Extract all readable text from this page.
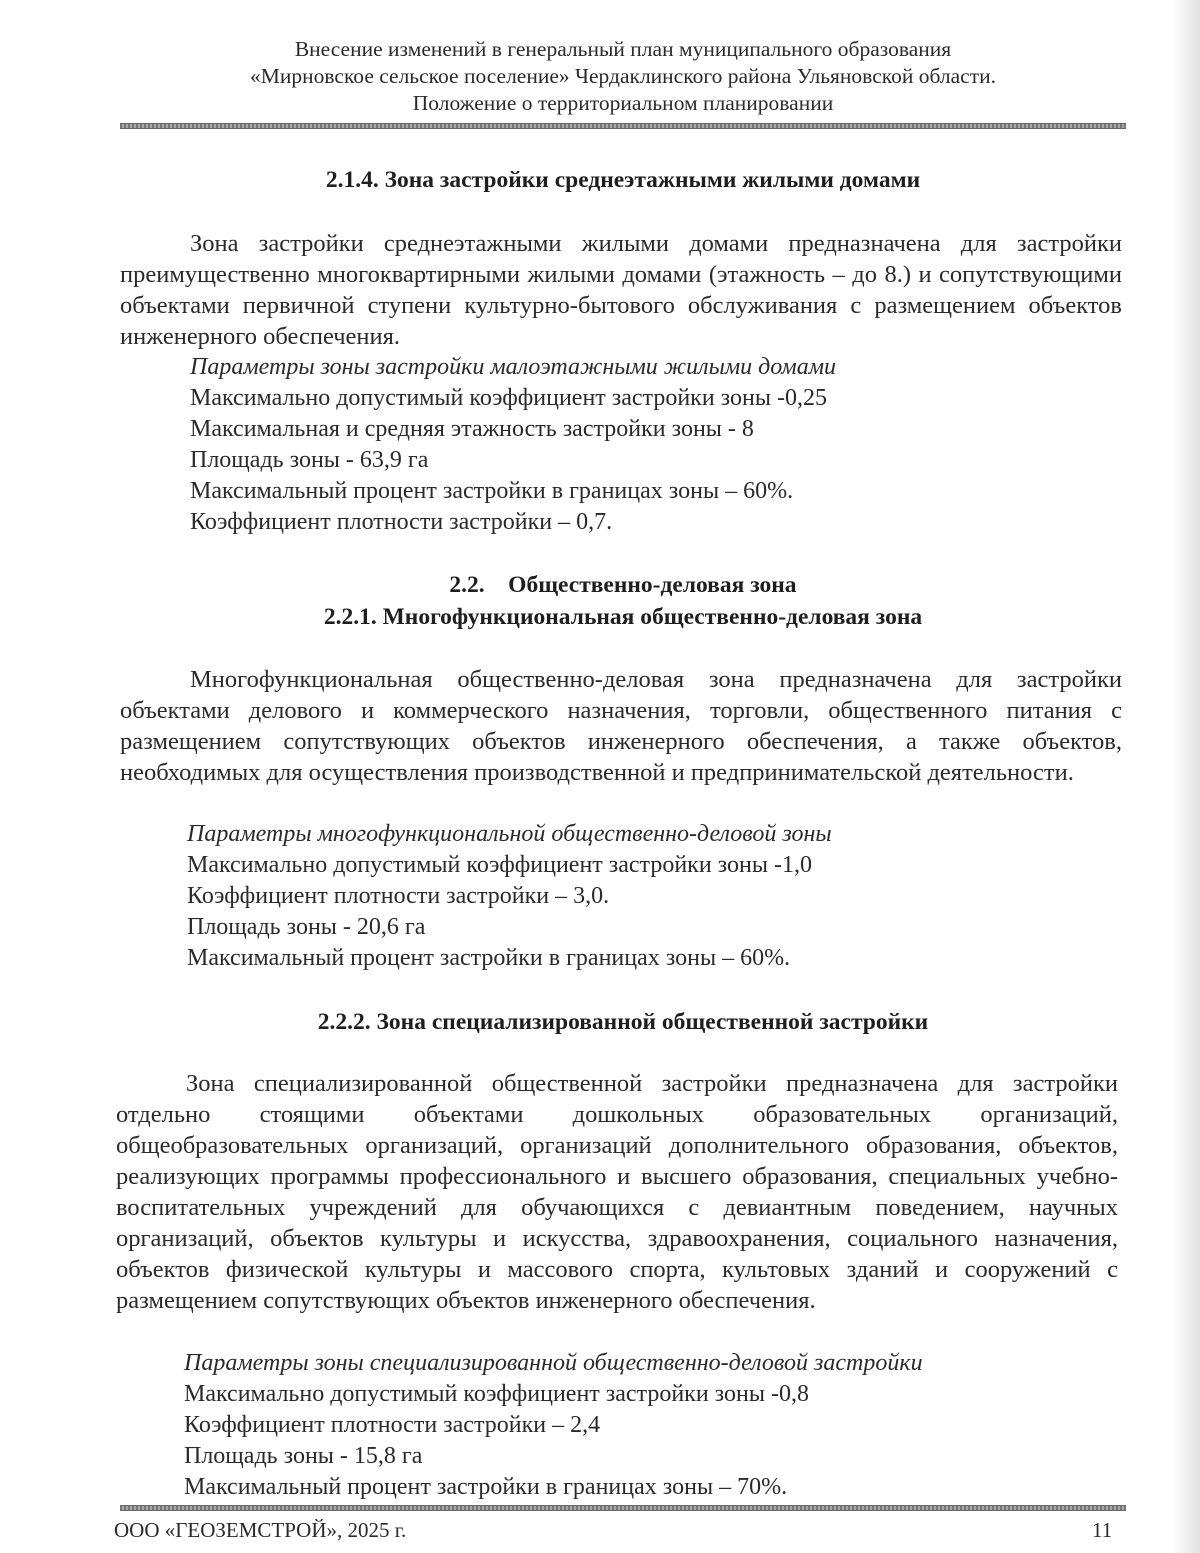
Внесение изменений в генеральный план муниципального образования
«Мирновское сельское поселение» Чердаклинского района Ульяновской области.
Положение о территориальном планировании
2.1.4. Зона застройки среднеэтажными жилыми домами

Зона застройки среднеэтажными жилыми домами предназначена для застройки преимущественно многоквартирными жилыми домами (этажность – до 8.) и сопутствующими объектами первичной ступени культурно-бытового обслуживания с размещением объектов инженерного обеспечения.

Параметры зоны застройки малоэтажными жилыми домами
Максимально допустимый коэффициент застройки зоны -0,25
Максимальная и средняя этажность застройки зоны - 8
Площадь зоны - 63,9 га
Максимальный процент застройки в границах зоны – 60%.
Коэффициент плотности застройки – 0,7.
2.2.    Общественно-деловая зона
2.2.1. Многофункциональная общественно-деловая зона

Многофункциональная общественно-деловая зона предназначена для застройки объектами делового и коммерческого назначения, торговли, общественного питания с размещением сопутствующих объектов инженерного обеспечения, а также объектов, необходимых для осуществления производственной и предпринимательской деятельности.

Параметры многофункциональной общественно-деловой зоны
Максимально допустимый коэффициент застройки зоны -1,0
Коэффициент плотности застройки – 3,0.
Площадь зоны - 20,6 га
Максимальный процент застройки в границах зоны – 60%.
2.2.2. Зона специализированной общественной застройки

Зона специализированной общественной застройки предназначена для застройки отдельно стоящими объектами дошкольных образовательных организаций, общеобразовательных организаций, организаций дополнительного образования, объектов, реализующих программы профессионального и высшего образования, специальных учебно-воспитательных учреждений для обучающихся с девиантным поведением, научных организаций, объектов культуры и искусства, здравоохранения, социального назначения, объектов физической культуры и массового спорта, культовых зданий и сооружений с размещением сопутствующих объектов инженерного обеспечения.

Параметры зоны специализированной общественно-деловой застройки
Максимально допустимый коэффициент застройки зоны -0,8
Коэффициент плотности застройки – 2,4
Площадь зоны - 15,8 га
Максимальный процент застройки в границах зоны – 70%.
ООО «ГЕОЗЕМСТРОЙ», 2025 г.	11
